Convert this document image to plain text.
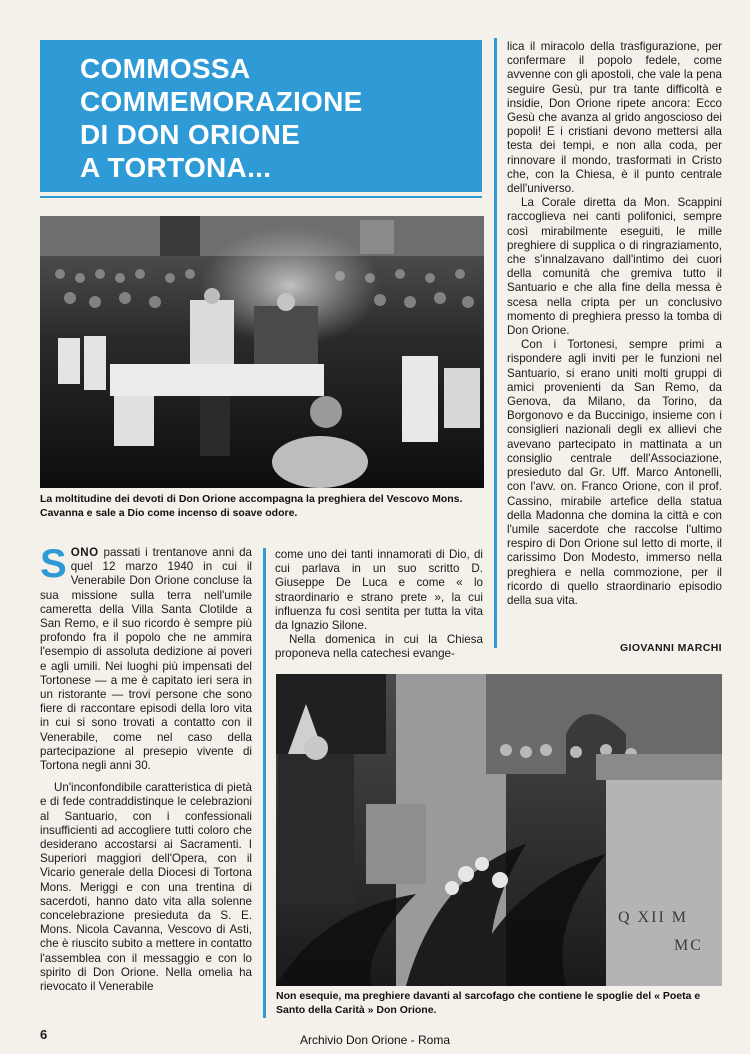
COMMOSSA
COMMEMORAZIONE
DI DON ORIONE
A TORTONA...

La moltitudine dei devoti di Don Orione accompagna la preghiera del Vescovo Mons. Cavanna e sale a Dio come incenso di soave odore.

SONO passati i trentanove anni da quel 12 marzo 1940 in cui il Venerabile Don Orione concluse la sua missione sulla terra nell'umile cameretta della Villa Santa Clotilde a San Remo, e il suo ricordo è sempre più profondo fra il popolo che ne ammira l'esempio di assoluta dedizione ai poveri e agli umili. Nei luoghi più impensati del Tortonese — a me è capitato ieri sera in un ristorante — trovi persone che sono fiere di raccontare episodi della loro vita in cui si sono trovati a contatto con il Venerabile, come nel caso della partecipazione al presepio vivente di Tortona negli anni 30.

Un'inconfondibile caratteristica di pietà e di fede contraddistinque le celebrazioni al Santuario, con i confessionali insufficienti ad accogliere tutti coloro che desiderano accostarsi ai Sacramenti. I Superiori maggiori dell'Opera, con il Vicario generale della Diocesi di Tortona Mons. Meriggi e con una trentina di sacerdoti, hanno dato vita alla solenne concelebrazione presieduta da S. E. Mons. Nicola Cavanna, Vescovo di Asti, che è riuscito subito a mettere in contatto l'assemblea con il messaggio e con lo spirito di Don Orione. Nella omelia ha rievocato il Venerabile

come uno dei tanti innamorati di Dio, di cui parlava in un suo scritto D. Giuseppe De Luca e come « lo straordinario e strano prete », la cui influenza fu così sentita per tutta la vita da Ignazio Silone.

Nella domenica in cui la Chiesa proponeva nella catechesi evange-

lica il miracolo della trasfigurazione, per confermare il popolo fedele, come avvenne con gli apostoli, che vale la pena seguire Gesù, pur tra tante difficoltà e insidie, Don Orione ripete ancora: Ecco Gesù che avanza al grido angoscioso dei popoli! E i cristiani devono mettersi alla testa dei tempi, e non alla coda, per rinnovare il mondo, trasformati in Cristo che, con la Chiesa, è il punto centrale dell'universo.

La Corale diretta da Mon. Scappini raccoglieva nei canti polifonici, sempre così mirabilmente eseguiti, le mille preghiere di supplica o di ringraziamento, che s'innalzavano dall'intimo dei cuori della comunità che gremiva tutto il Santuario e che alla fine della messa è scesa nella cripta per un conclusivo momento di preghiera presso la tomba di Don Orione.

Con i Tortonesi, sempre primi a rispondere agli inviti per le funzioni nel Santuario, si erano uniti molti gruppi di amici provenienti da San Remo, da Genova, da Milano, da Torino, da Borgonovo e da Buccinigo, insieme con i consiglieri nazionali degli ex allievi che avevano partecipato in mattinata a un consiglio centrale dell'Associazione, presieduto dal Gr. Uff. Marco Antonelli, con l'avv. on. Franco Orione, con il prof. Cassino, mirabile artefice della statua della Madonna che domina la città e con l'umile sacerdote che raccolse l'ultimo respiro di Don Orione sul letto di morte, il carissimo Don Modesto, immerso nella preghiera e nella commozione, per il ricordo di quello straordinario episodio della sua vita.

GIOVANNI MARCHI
Q XII M
MC

Non esequie, ma preghiere davanti al sarcofago che contiene le spoglie del « Poeta e Santo della Carità » Don Orione.

6	Archivio Don Orione - Roma
